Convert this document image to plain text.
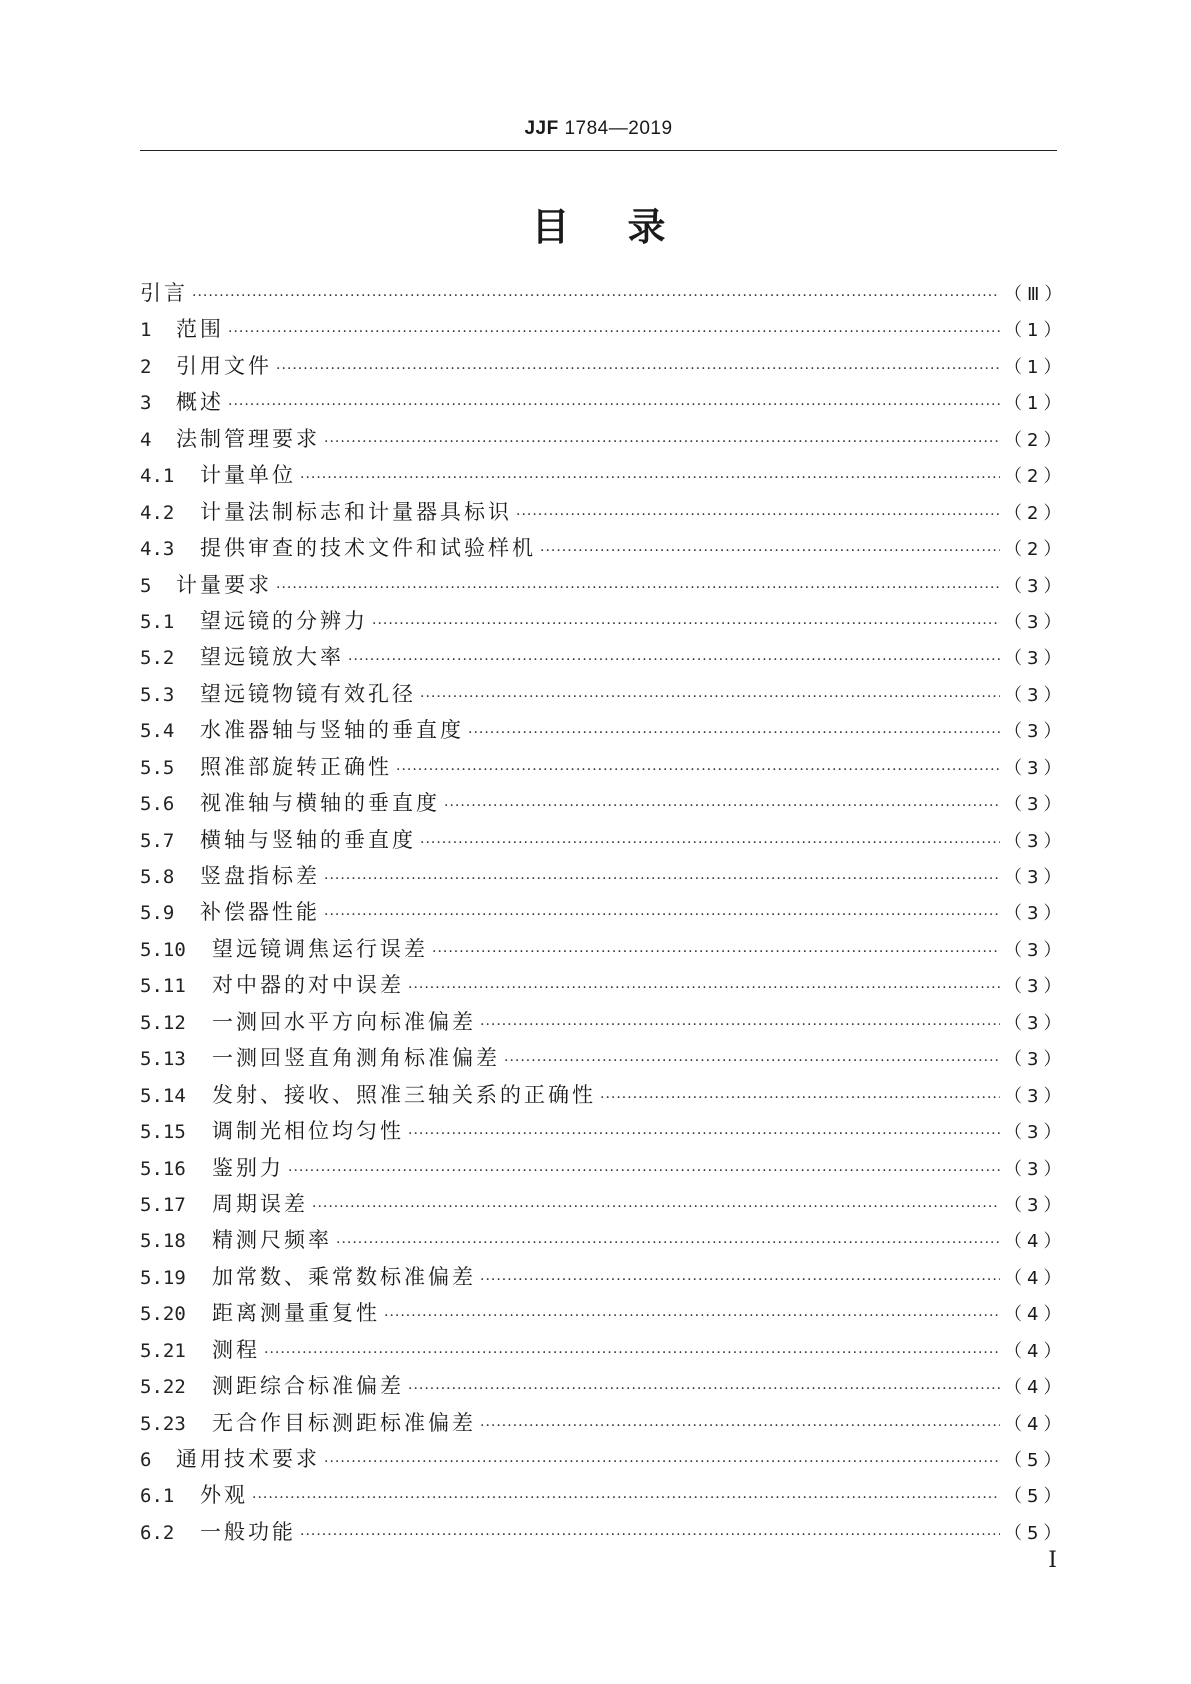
JJF 1784—2019
目录
引言 ·····	（Ⅲ）
1	范围 ·····	（1）
2	引用文件 ·····	（1）
3	概述 ·····	（1）
4	法制管理要求 ·····	（2）
4.1	计量单位 ·····	（2）
4.2	计量法制标志和计量器具标识 ·····	（2）
4.3	提供审查的技术文件和试验样机 ·····	（2）
5	计量要求 ·····	（3）
5.1	望远镜的分辨力 ·····	（3）
5.2	望远镜放大率 ·····	（3）
5.3	望远镜物镜有效孔径 ·····	（3）
5.4	水准器轴与竖轴的垂直度 ·····	（3）
5.5	照准部旋转正确性 ·····	（3）
5.6	视准轴与横轴的垂直度 ·····	（3）
5.7	横轴与竖轴的垂直度 ·····	（3）
5.8	竖盘指标差 ·····	（3）
5.9	补偿器性能 ·····	（3）
5.10	望远镜调焦运行误差 ·····	（3）
5.11	对中器的对中误差 ·····	（3）
5.12	一测回水平方向标准偏差 ·····	（3）
5.13	一测回竖直角测角标准偏差 ·····	（3）
5.14	发射、接收、照准三轴关系的正确性 ·····	（3）
5.15	调制光相位均匀性 ·····	（3）
5.16	鉴别力 ·····	（3）
5.17	周期误差 ·····	（3）
5.18	精测尺频率 ·····	（4）
5.19	加常数、乘常数标准偏差 ·····	（4）
5.20	距离测量重复性 ·····	（4）
5.21	测程 ·····	（4）
5.22	测距综合标准偏差 ·····	（4）
5.23	无合作目标测距标准偏差 ·····	（4）
6	通用技术要求 ·····	（5）
6.1	外观 ·····	（5）
6.2	一般功能 ·····	（5）
Ⅰ
